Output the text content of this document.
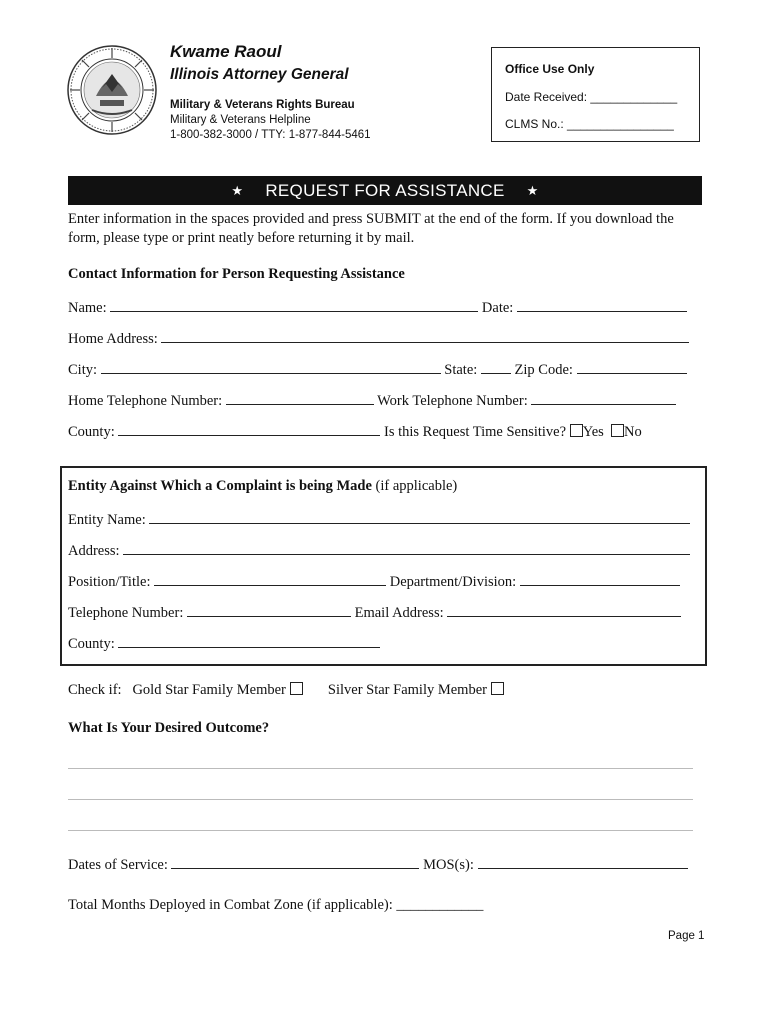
Kwame Raoul
Illinois Attorney General
Military & Veterans Rights Bureau
Military & Veterans Helpline
1-800-382-3000 / TTY: 1-877-844-5461
Office Use Only
Date Received: _____________
CLMS No.: ________________
★ REQUEST FOR ASSISTANCE ★
Enter information in the spaces provided and press SUBMIT at the end of the form. If you download the form, please type or print neatly before returning it by mail.
Contact Information for Person Requesting Assistance
Name:	Date:
Home Address:
City:	State:	Zip Code:
Home Telephone Number:	Work Telephone Number:
County:	Is this Request Time Sensitive? Yes No
Entity Against Which a Complaint is being Made (if applicable)
Entity Name:
Address:
Position/Title:	Department/Division:
Telephone Number:	Email Address:
County:
Check if: Gold Star Family Member	Silver Star Family Member
What Is Your Desired Outcome?
Dates of Service:	MOS(s):
Total Months Deployed in Combat Zone (if applicable): ____________
Page 1
